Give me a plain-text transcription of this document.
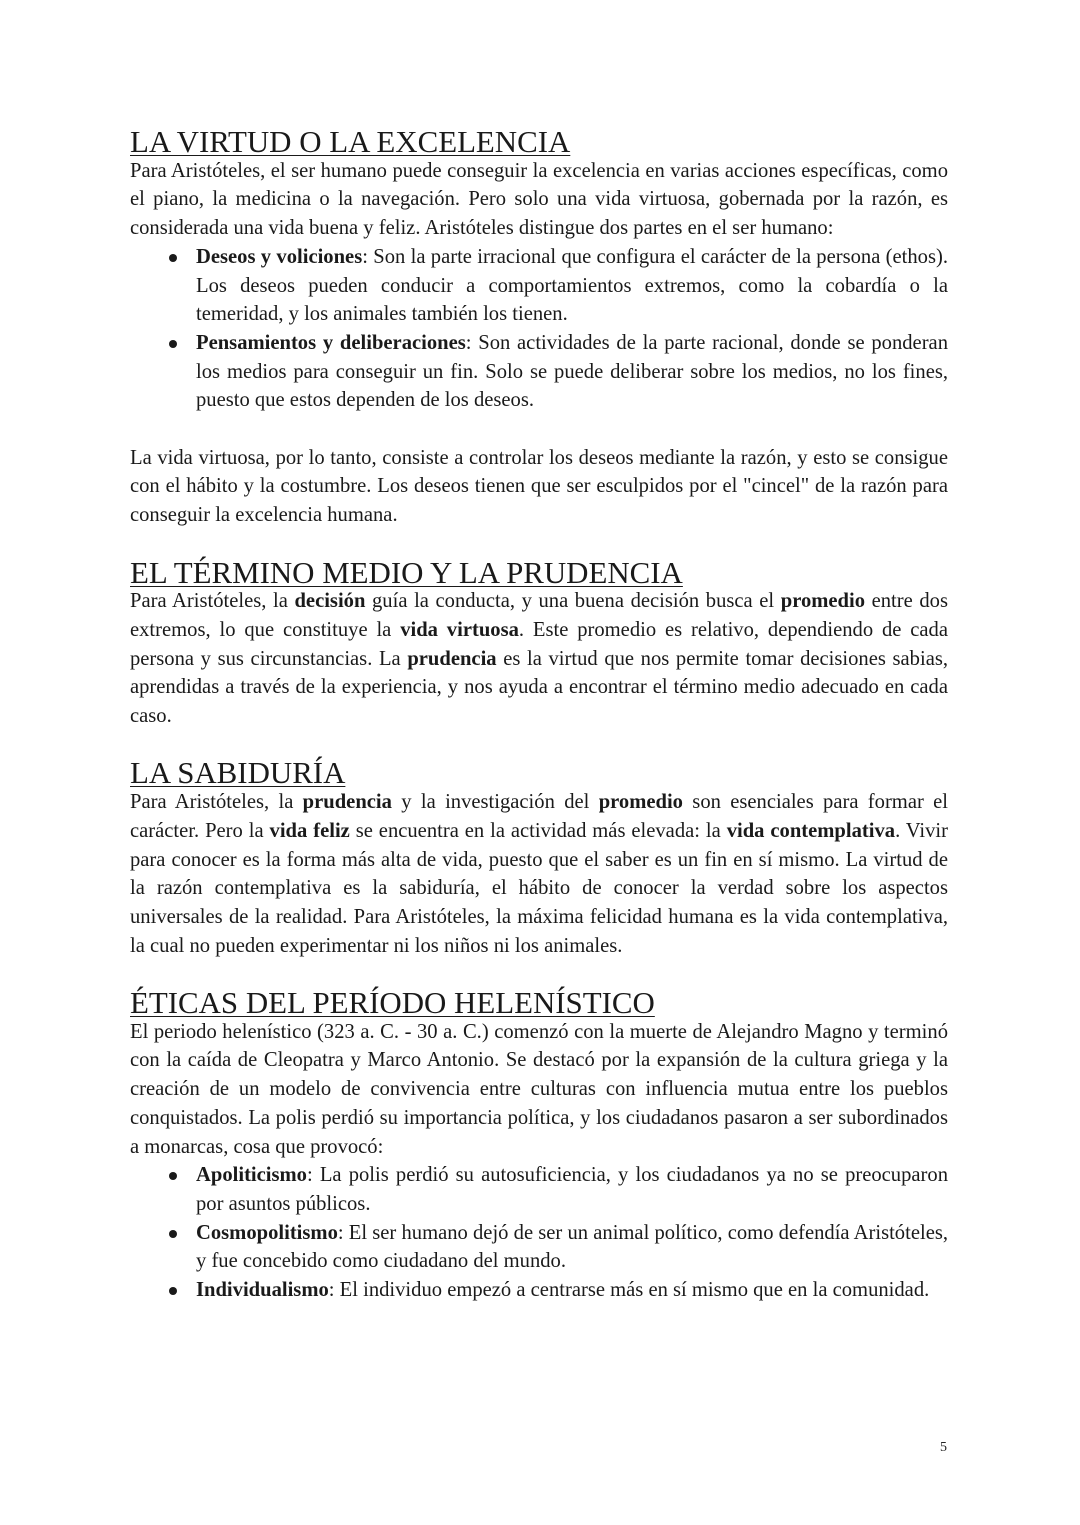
LA VIRTUD O LA EXCELENCIA

Para Aristóteles, el ser humano puede conseguir la excelencia en varias acciones específicas, como el piano, la medicina o la navegación. Pero solo una vida virtuosa, gobernada por la razón, es considerada una vida buena y feliz. Aristóteles distingue dos partes en el ser humano:

Deseos y voliciones: Son la parte irracional que configura el carácter de la persona (ethos). Los deseos pueden conducir a comportamientos extremos, como la cobardía o la temeridad, y los animales también los tienen.
Pensamientos y deliberaciones: Son actividades de la parte racional, donde se ponderan los medios para conseguir un fin. Solo se puede deliberar sobre los medios, no los fines, puesto que estos dependen de los deseos.

La vida virtuosa, por lo tanto, consiste a controlar los deseos mediante la razón, y esto se consigue con el hábito y la costumbre. Los deseos tienen que ser esculpidos por el "cincel" de la razón para conseguir la excelencia humana.

EL TÉRMINO MEDIO Y LA PRUDENCIA

Para Aristóteles, la decisión guía la conducta, y una buena decisión busca el promedio entre dos extremos, lo que constituye la vida virtuosa. Este promedio es relativo, dependiendo de cada persona y sus circunstancias. La prudencia es la virtud que nos permite tomar decisiones sabias, aprendidas a través de la experiencia, y nos ayuda a encontrar el término medio adecuado en cada caso.

LA SABIDURÍA

Para Aristóteles, la prudencia y la investigación del promedio son esenciales para formar el carácter. Pero la vida feliz se encuentra en la actividad más elevada: la vida contemplativa. Vivir para conocer es la forma más alta de vida, puesto que el saber es un fin en sí mismo. La virtud de la razón contemplativa es la sabiduría, el hábito de conocer la verdad sobre los aspectos universales de la realidad. Para Aristóteles, la máxima felicidad humana es la vida contemplativa, la cual no pueden experimentar ni los niños ni los animales.

ÉTICAS DEL PERÍODO HELENÍSTICO

El periodo helenístico (323 a. C. - 30 a. C.) comenzó con la muerte de Alejandro Magno y terminó con la caída de Cleopatra y Marco Antonio. Se destacó por la expansión de la cultura griega y la creación de un modelo de convivencia entre culturas con influencia mutua entre los pueblos conquistados. La polis perdió su importancia política, y los ciudadanos pasaron a ser subordinados a monarcas, cosa que provocó:

Apoliticismo: La polis perdió su autosuficiencia, y los ciudadanos ya no se preocuparon por asuntos públicos.
Cosmopolitismo: El ser humano dejó de ser un animal político, como defendía Aristóteles, y fue concebido como ciudadano del mundo.
Individualismo: El individuo empezó a centrarse más en sí mismo que en la comunidad.
5
